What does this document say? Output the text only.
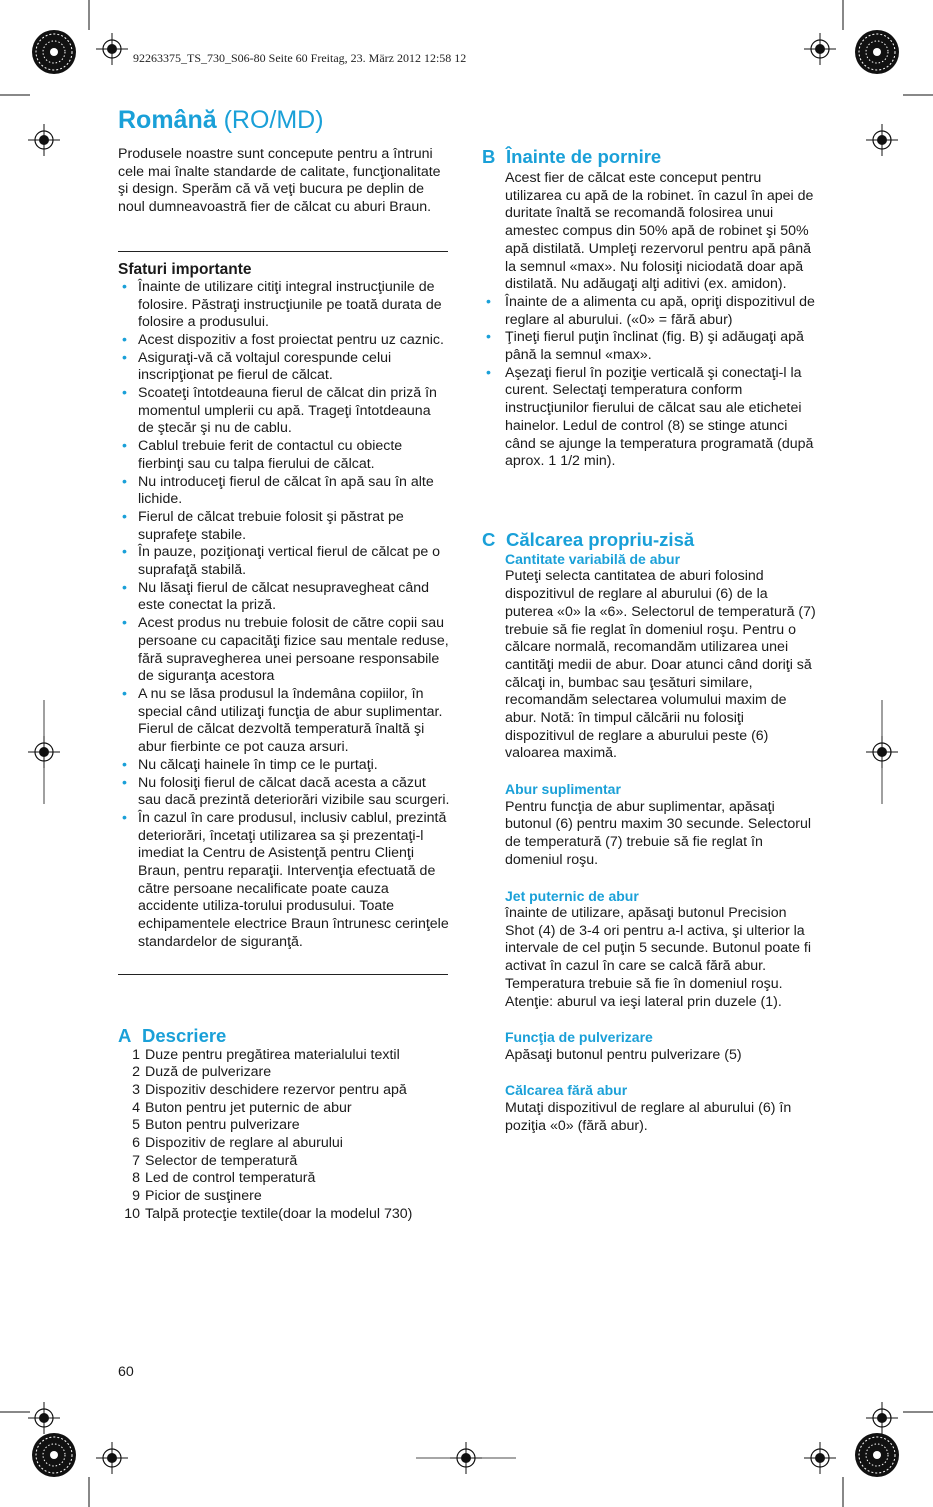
92263375_TS_730_S06-80 Seite 60 Freitag, 23. März 2012 12:58 12
Română (RO/MD)

Produsele noastre sunt concepute pentru a întruni cele mai înalte standarde de calitate, funcţionalitate şi design. Sperăm că vă veţi bucura pe deplin de noul dumneavoastră fier de călcat cu aburi Braun.

Sfaturi importante
• Înainte de utilizare citiţi integral instrucţiunile de folosire. Păstraţi instrucţiunile pe toată durata de folosire a produsului.
• Acest dispozitiv a fost proiectat pentru uz caznic.
• Asiguraţi-vă că voltajul corespunde celui inscripţionat pe fierul de călcat.
• Scoateţi întotdeauna fierul de călcat din priză în momentul umplerii cu apă. Trageţi întotdeauna de ştecăr şi nu de cablu.
• Cablul trebuie ferit de contactul cu obiecte fierbinţi sau cu talpa fierului de călcat.
• Nu introduceţi fierul de călcat în apă sau în alte lichide.
• Fierul de călcat trebuie folosit şi păstrat pe suprafeţe stabile.
• În pauze, poziţionaţi vertical fierul de călcat pe o suprafaţă stabilă.
• Nu lăsaţi fierul de călcat nesupravegheat când este conectat la priză.
• Acest produs nu trebuie folosit de către copii sau persoane cu capacităţi fizice sau mentale reduse, fără supravegherea unei persoane responsabile de siguranţa acestora
• A nu se lăsa produsul la îndemâna copiilor, în special când utilizaţi funcţia de abur suplimentar. Fierul de călcat dezvoltă temperatură înaltă şi abur fierbinte ce pot cauza arsuri.
• Nu călcaţi hainele în timp ce le purtaţi.
• Nu folosiţi fierul de călcat dacă acesta a căzut sau dacă prezintă deteriorări vizibile sau scurgeri.
• În cazul în care produsul, inclusiv cablul, prezintă deteriorări, încetaţi utilizarea sa şi prezentaţi-l imediat la Centru de Asistenţă pentru Clienţi Braun, pentru reparaţii. Intervenţia efectuată de către persoane necalificate poate cauza accidente utiliza-torului produsului. Toate echipamentele electrice Braun întrunesc cerinţele standardelor de siguranţă.
A Descriere
1 Duze pentru pregătirea materialului textil
2 Duză de pulverizare
3 Dispozitiv deschidere rezervor pentru apă
4 Buton pentru jet puternic de abur
5 Buton pentru pulverizare
6 Dispozitiv de reglare al aburului
7 Selector de temperatură
8 Led de control temperatură
9 Picior de susţinere
10 Talpă protecţie textile(doar la modelul 730)
B Înainte de pornire

Acest fier de călcat este conceput pentru utilizarea cu apă de la robinet. în cazul în apei de duritate înaltă se recomandă folosirea unui amestec compus din 50% apă de robinet şi 50% apă distilată. Umpleţi rezervorul pentru apă până la semnul «max». Nu folosiţi niciodată doar apă distilată. Nu adăugaţi alţi aditivi (ex. amidon).

• Înainte de a alimenta cu apă, opriţi dispozitivul de reglare al aburului. («0» = fără abur)
• Ţineţi fierul puţin înclinat (fig. B) şi adăugaţi apă până la semnul «max».
• Aşezaţi fierul în poziţie verticală şi conectaţi-l la curent. Selectaţi temperatura conform instrucţiunilor fierului de călcat sau ale etichetei hainelor. Ledul de control (8) se stinge atunci când se ajunge la temperatura programată (după aprox. 1 1/2 min).
C Călcarea propriu-zisă
Cantitate variabilă de abur

Puteţi selecta cantitatea de aburi folosind dispozitivul de reglare al aburului (6) de la puterea «0» la «6». Selectorul de temperatură (7) trebuie să fie reglat în domeniul roşu. Pentru o călcare normală, recomandăm utilizarea unei cantităţi medii de abur. Doar atunci când doriţi să călcaţi in, bumbac sau ţesături similare, recomandăm selectarea volumului maxim de abur. Notă: în timpul călcării nu folosiţi dispozitivul de reglare a aburului peste (6) valoarea maximă.

Abur suplimentar

Pentru funcţia de abur suplimentar, apăsaţi butonul (6) pentru maxim 30 secunde. Selectorul de temperatură (7) trebuie să fie reglat în domeniul roşu.

Jet puternic de abur

înainte de utilizare, apăsaţi butonul Precision Shot (4) de 3-4 ori pentru a-l activa, şi ulterior la intervale de cel puţin 5 secunde. Butonul poate fi activat în cazul în care se calcă fără abur. Temperatura trebuie să fie în domeniul roşu. Atenţie: aburul va ieşi lateral prin duzele (1).

Funcţia de pulverizare

Apăsaţi butonul pentru pulverizare (5)

Călcarea fără abur

Mutaţi dispozitivul de reglare al aburului (6) în poziţia «0» (fără abur).

60
